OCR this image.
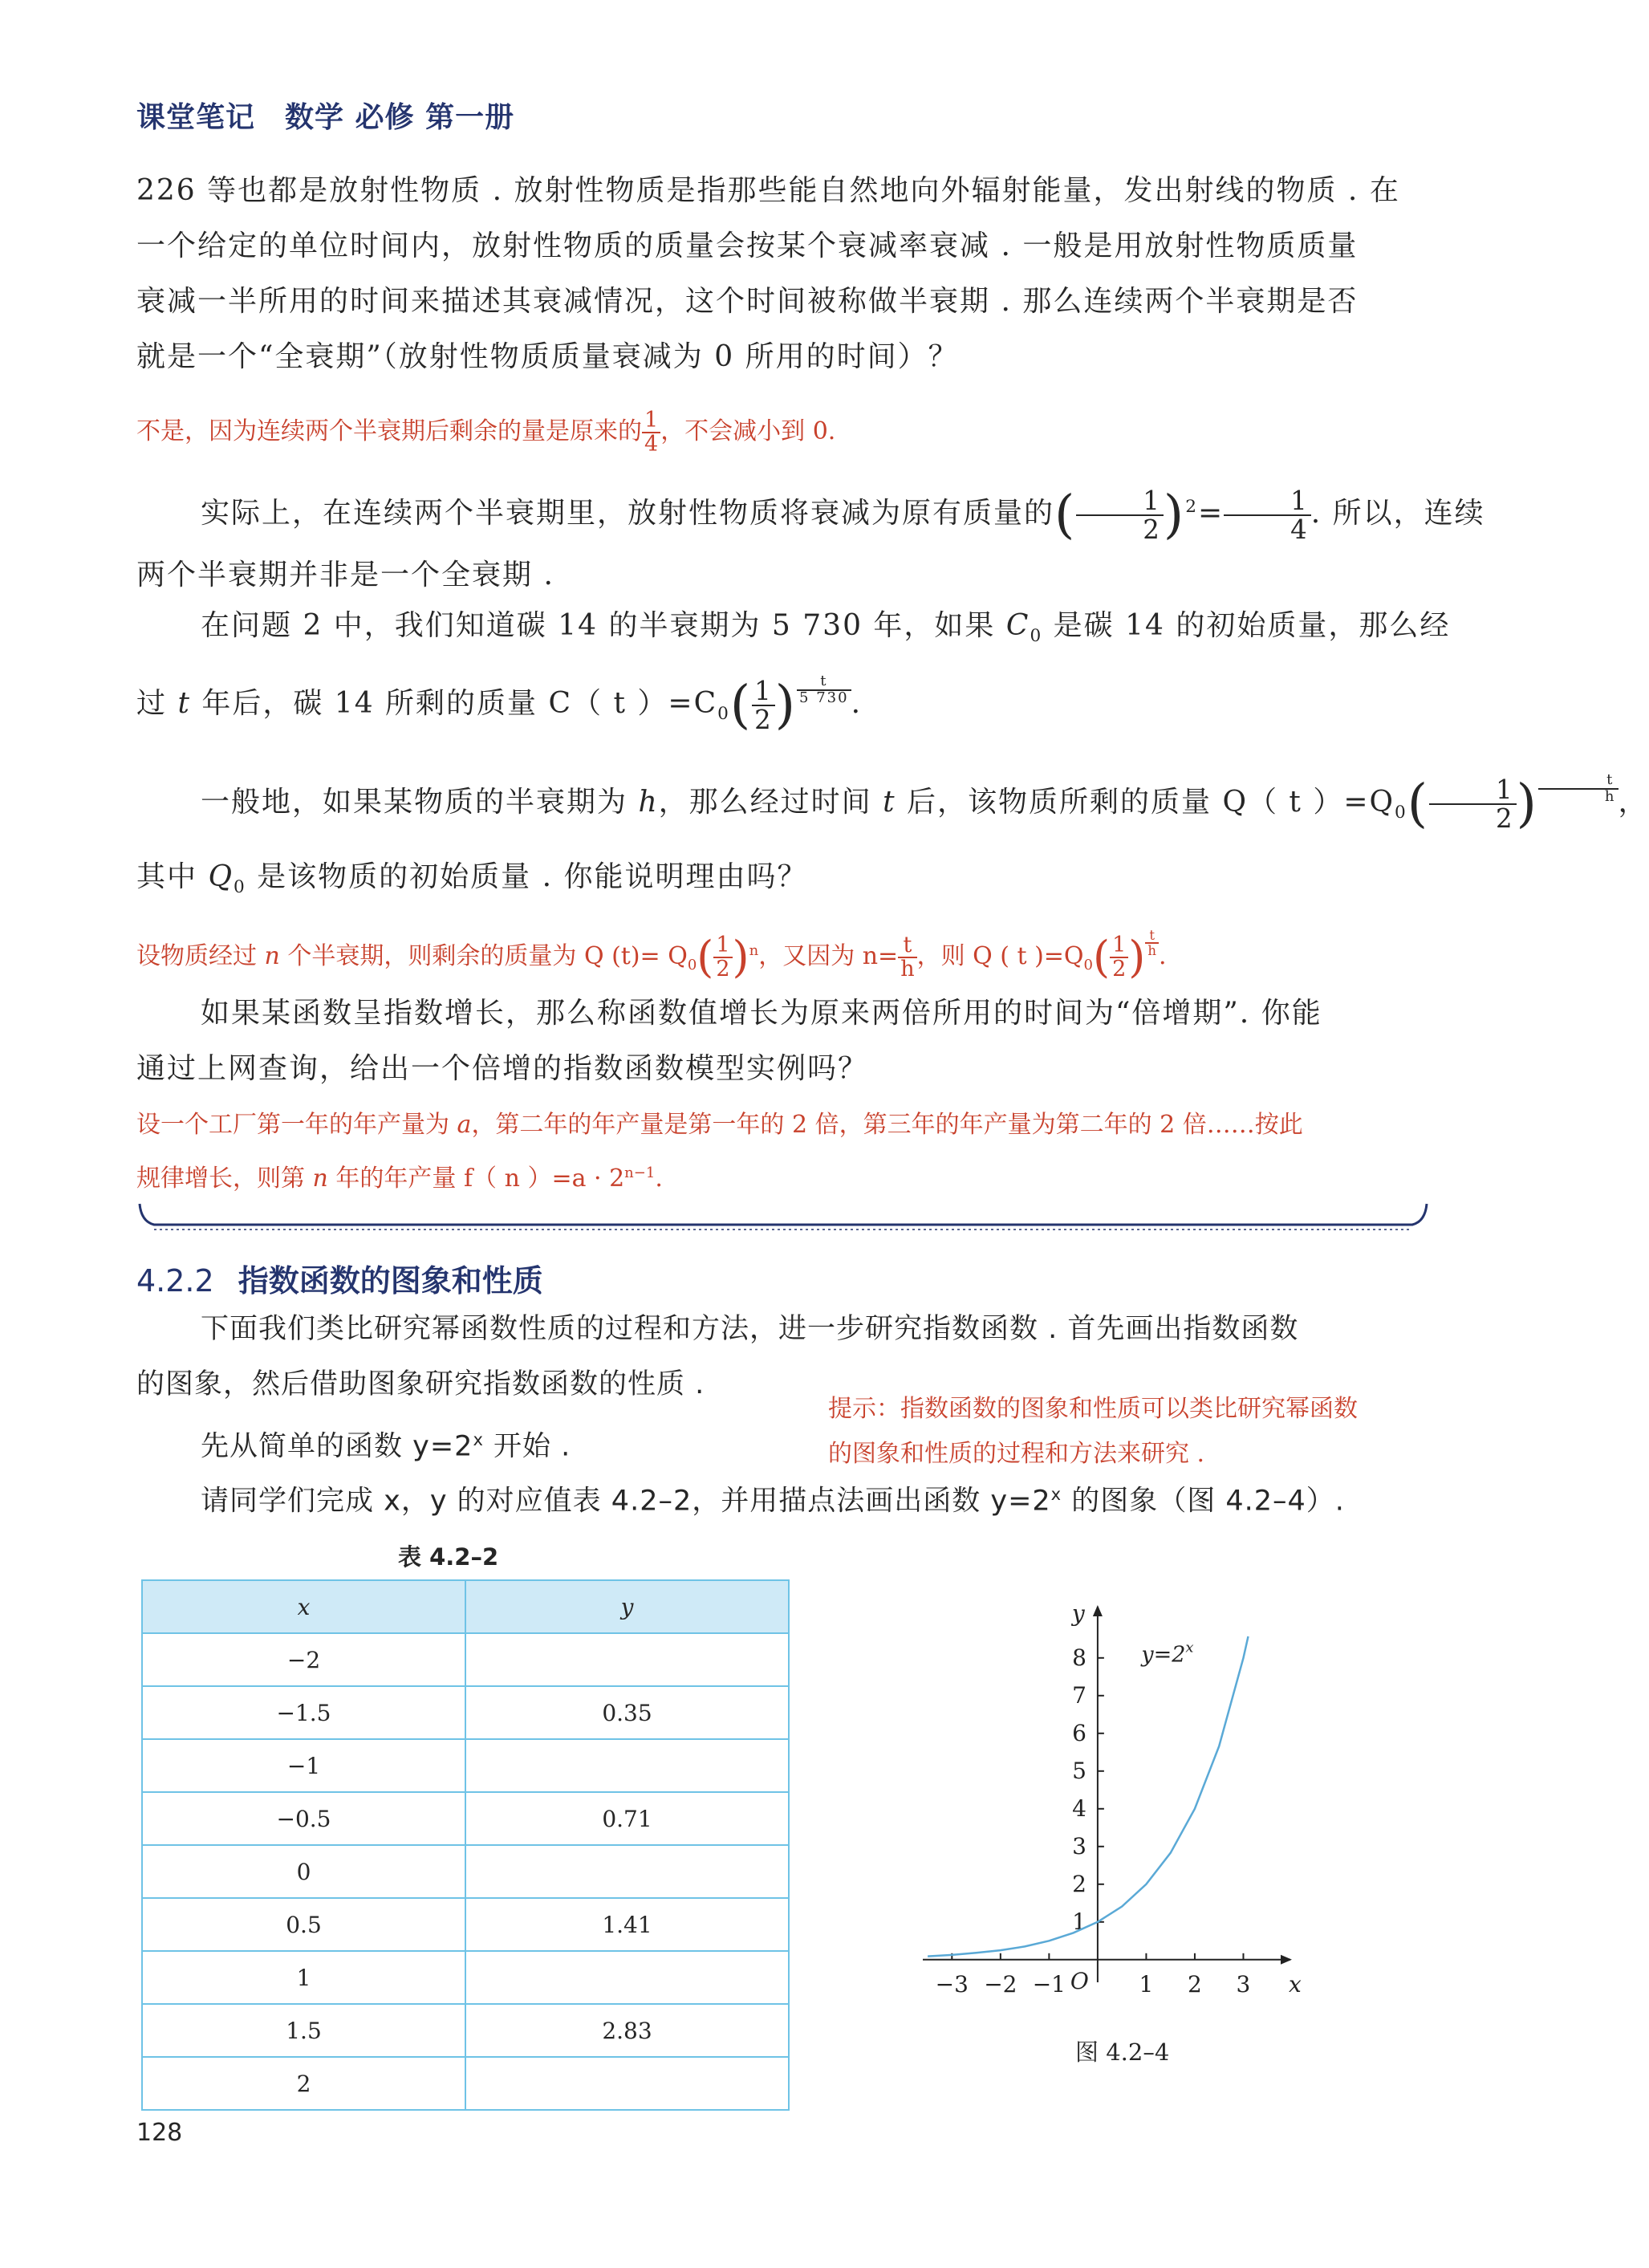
课堂笔记　数学 必修 第一册
226 等也都是放射性物质 . 放射性物质是指那些能自然地向外辐射能量，发出射线的物质 . 在
一个给定的单位时间内，放射性物质的质量会按某个衰减率衰减 . 一般是用放射性物质质量
衰减一半所用的时间来描述其衰减情况，这个时间被称做半衰期 . 那么连续两个半衰期是否
就是一个“全衰期”（放射性物质质量衰减为 0 所用的时间）？
不是，因为连续两个半衰期后剩余的量是原来的 $\frac{1}{4}$ ，不会减小到 0.
实际上，在连续两个半衰期里，放射性物质将衰减为原有质量的( $\frac{1}{2} )^2= \frac{1}{4}$ . 所以，连续
两个半衰期并非是一个全衰期 .
在问题 2 中，我们知道碳 14 的半衰期为 5 730 年，如果 $C_0$ 是碳 14 的初始质量，那么经
过 t 年后，碳 14 所剩的质量 C（ t ）$=C_0( \frac{1}{2}$ ) $\frac{t}{5 730}$ .
一般地，如果某物质的半衰期为 h，那么经过时间 t 后，该物质所剩的质量 Q（ t ）$=Q_0( \frac{1}{2}$ ) $\frac{t}{h}$ ，
其中 $Q_0$ 是该物质的初始质量 . 你能说明理由吗？
设物质经过 n 个半衰期，则剩余的质量为 Q $(t)= Q_0( \frac{1}{2} )^n$，又因为 $n= \frac{t}{h}$ ，则 Q ( t )$=Q_0( \frac{1}{2}$ ) $\frac{t}{h}$ .
如果某函数呈指数增长，那么称函数值增长为原来两倍所用的时间为“倍增期”. 你能
通过上网查询，给出一个倍增的指数函数模型实例吗？
设一个工厂第一年的年产量为 a，第二年的年产量是第一年的 2 倍，第三年的年产量为第二年的 2 倍……按此
规律增长，则第 n 年的年产量 f（ n ）$=a \cdot 2^{n-1}$.
4.2.2 指数函数的图象和性质
下面我们类比研究幂函数性质的过程和方法，进一步研究指数函数 . 首先画出指数函数
的图象，然后借助图象研究指数函数的性质 .
提示：指数函数的图象和性质可以类比研究幂函数
的图象和性质的过程和方法来研究 .
先从简单的函数 $y=2^x$ 开始 .
请同学们完成 x，y 的对应值表 4.2–2，并用描点法画出函数 $y=2^x$ 的图象（图 4.2–4）.
表 4.2–2
x	y
−2	
−1.5	0.35
−1	
−0.5	0.71
0	
0.5	1.41
1	
1.5	2.83
2	
−3 −2 −1	1 2 3
1
2
3
4
5
6
7
8
x
y
O
$y=2^x$
图 4.2–4
128
